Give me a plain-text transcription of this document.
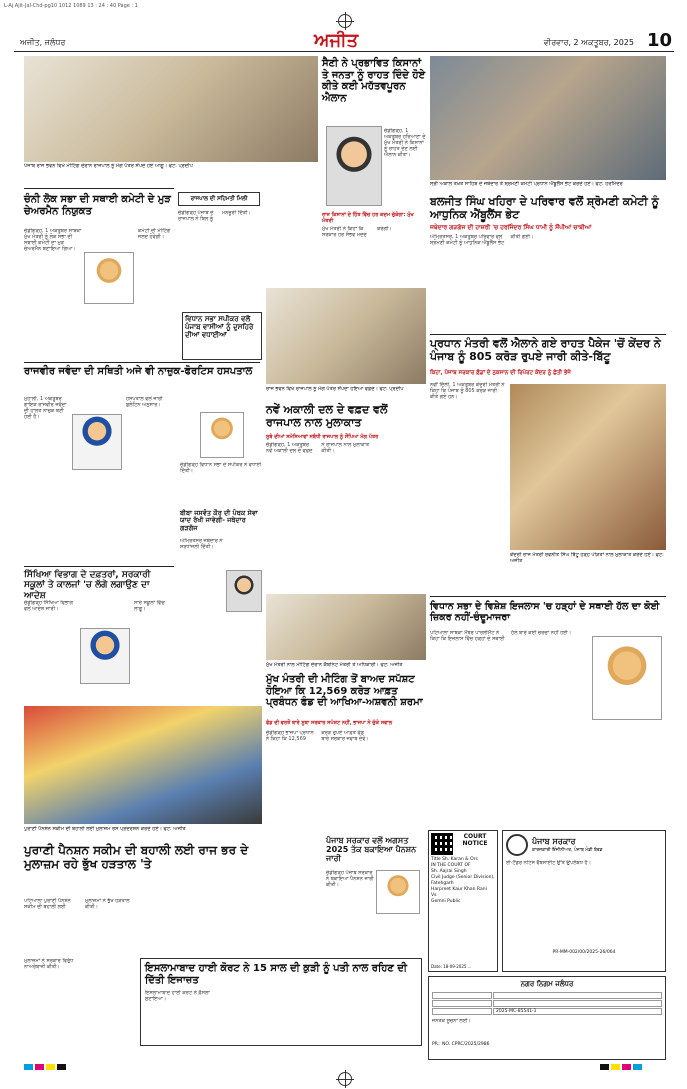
L-Aj Ajit-Jal-Chd-pg10 1012 1089 13 : 24 : 40 Page : 1
ਅਜੀਤ, ਜਲੰਧਰ	ਅਜੀਤ	ਵੀਰਵਾਰ, 2 ਅਕਤੂਬਰ, 2025 10
ਪੰਜਾਬ ਰਾਜ ਭਵਨ ਵਿਖੇ ਮੀਟਿੰਗ ਦੌਰਾਨ ਰਾਜਪਾਲ ਨੂੰ ਮੰਗ ਪੱਤਰ ਸੌਂਪਦੇ ਹੋਏ ਆਗੂ। ਫੋਟੋ: ਪ੍ਰਦੀਪ
ਸੈਣੀ ਨੇ ਪ੍ਰਭਾਵਿਤ ਕਿਸਾਨਾਂ ਤੇ ਜਨਤਾ ਨੂੰ ਰਾਹਤ ਦਿੰਦੇ ਹੋਏ ਕੀਤੇ ਕਈ ਮਹੱਤਵਪੂਰਨ ਐਲਾਨ
ਚੰਡੀਗੜ੍ਹ, 1 ਅਕਤੂਬਰ ਹਰਿਆਣਾ ਦੇ ਮੁੱਖ ਮੰਤਰੀ ਨੇ ਕਿਸਾਨਾਂ ਨੂੰ ਰਾਹਤ ਦੇਣ ਲਈ ਐਲਾਨ ਕੀਤਾ।
ਰਾਜ ਕਿਸਾਨਾਂ ਦੇ ਹਿੱਤ ਵਿੱਚ ਹਰ ਕਦਮ ਚੁੱਕੇਗਾ: ਮੁੱਖ ਮੰਤਰੀ
ਸ੍ਰੀ ਅਕਾਲ ਤਖ਼ਤ ਸਾਹਿਬ ਦੇ ਜਥੇਦਾਰ ਤੇ ਸ਼੍ਰੋਮਣੀ ਕਮੇਟੀ ਪ੍ਰਧਾਨ ਐਂਬੂਲੈਂਸ ਭੇਟ ਕਰਦੇ ਹੋਏ। ਫੋਟੋ: ਹਰਮਿੰਦਰ
ਬਲਜੀਤ ਸਿੰਘ ਖਹਿਰਾ ਦੇ ਪਰਿਵਾਰ ਵਲੋਂ ਸ਼੍ਰੋਮਣੀ ਕਮੇਟੀ ਨੂੰ ਆਧੁਨਿਕ ਐਂਬੂਲੈਂਸ ਭੇਟ
ਜਥੇਦਾਰ ਗੜਗੱਜ ਦੀ ਹਾਜ਼ਰੀ 'ਚ ਹਰਜਿੰਦਰ ਸਿੰਘ ਧਾਮੀ ਨੂੰ ਸੌਂਪੀਆਂ ਚਾਬੀਆਂ
ਅੰਮ੍ਰਿਤਸਰ, 1 ਅਕਤੂਬਰ ਪਰਿਵਾਰ ਵਲੋਂ ਸ਼੍ਰੋਮਣੀ ਕਮੇਟੀ ਨੂੰ ਆਧੁਨਿਕ ਐਂਬੂਲੈਂਸ ਭੇਟ ਕੀਤੀ ਗਈ।
ਚੰਨੀ ਲੋਕ ਸਭਾ ਦੀ ਸਥਾਈ ਕਮੇਟੀ ਦੇ ਮੁੜ ਚੇਅਰਮੈਨ ਨਿਯੁਕਤ
ਚੰਡੀਗੜ੍ਹ, 1 ਅਕਤੂਬਰ ਸਾਬਕਾ ਮੁੱਖ ਮੰਤਰੀ ਨੂੰ ਲੋਕ ਸਭਾ ਦੀ ਸਥਾਈ ਕਮੇਟੀ ਦਾ ਮੁੜ ਚੇਅਰਮੈਨ ਬਣਾਇਆ ਗਿਆ।
ਕਮੇਟੀ ਦੀ ਮੀਟਿੰਗ ਜਲਦ ਹੋਵੇਗੀ।
ਰਾਜਪਾਲ ਦੀ ਸਹਿਮਤੀ ਮਿਲੀ
ਚੰਡੀਗੜ੍ਹ ਪੰਜਾਬ ਦੇ ਰਾਜਪਾਲ ਨੇ ਬਿਲ ਨੂੰ ਮਨਜ਼ੂਰੀ ਦਿੱਤੀ।
ਰਾਜਵੀਰ ਜਵੰਦਾ ਦੀ ਸਥਿਤੀ ਅਜੇ ਵੀ ਨਾਜ਼ੁਕ-ਫੋਰਟਿਸ ਹਸਪਤਾਲ
ਮੁਹਾਲੀ, 1 ਅਕਤੂਬਰ ਗਾਇਕ ਰਾਜਵੀਰ ਜਵੰਦਾ ਦੀ ਹਾਲਤ ਨਾਜ਼ੁਕ ਬਣੀ ਹੋਈ ਹੈ।
ਹਸਪਤਾਲ ਵਲੋਂ ਜਾਰੀ ਬੁਲੇਟਿਨ ਅਨੁਸਾਰ।
ਸਿੱਖਿਆ ਵਿਭਾਗ ਦੇ ਦਫ਼ਤਰਾਂ, ਸਰਕਾਰੀ ਸਕੂਲਾਂ ਤੇ ਕਾਲਜਾਂ 'ਚ ਲੱਗੇ ਲਗਾਉਣ ਦਾ ਆਦੇਸ਼
ਚੰਡੀਗੜ੍ਹ ਸਿੱਖਿਆ ਵਿਭਾਗ ਵਲੋਂ ਆਦੇਸ਼ ਜਾਰੀ।
ਸਾਰੇ ਸਕੂਲਾਂ ਵਿੱਚ ਲਾਗੂ।
ਵਿਧਾਨ ਸਭਾ ਸਪੀਕਰ ਵਲੋਂ ਪੰਜਾਬ ਵਾਸੀਆਂ ਨੂੰ ਦੁਸਹਿਰੇ ਦੀਆਂ ਵਧਾਈਆਂ
ਚੰਡੀਗੜ੍ਹ ਵਿਧਾਨ ਸਭਾ ਦੇ ਸਪੀਕਰ ਨੇ ਵਧਾਈ ਦਿੱਤੀ।
ਬੀਬਾ ਜਸਵੰਤ ਕੌਰ ਦੀ ਪੰਥਕ ਸੇਵਾ ਯਾਦ ਰੱਖੀ ਜਾਵੇਗੀ- ਜਥੇਦਾਰ ਗੜਗੱਜ
ਅੰਮ੍ਰਿਤਸਰ ਜਥੇਦਾਰ ਨੇ ਸ਼ਰਧਾਂਜਲੀ ਦਿੱਤੀ।
ਰਾਜ ਭਵਨ ਵਿਖੇ ਰਾਜਪਾਲ ਨੂੰ ਮੰਗ ਪੱਤਰ ਸੌਂਪਦਾ ਹੋਇਆ ਵਫ਼ਦ। ਫੋਟੋ: ਪ੍ਰਦੀਪ
ਨਵੇਂ ਅਕਾਲੀ ਦਲ ਦੇ ਵਫ਼ਦ ਵਲੋਂ ਰਾਜਪਾਲ ਨਾਲ ਮੁਲਾਕਾਤ
ਸੂਬੇ ਦੀਆਂ ਸਮੱਸਿਆਵਾਂ ਸਬੰਧੀ ਰਾਜਪਾਲ ਨੂੰ ਸੌਂਪਿਆ ਮੰਗ ਪੱਤਰ
ਚੰਡੀਗੜ੍ਹ, 1 ਅਕਤੂਬਰ ਨਵੇਂ ਅਕਾਲੀ ਦਲ ਦੇ ਵਫ਼ਦ ਨੇ ਰਾਜਪਾਲ ਨਾਲ ਮੁਲਾਕਾਤ ਕੀਤੀ।
ਮੁੱਖ ਮੰਤਰੀ ਨੇ ਕਿਹਾ ਕਿ ਸਰਕਾਰ ਹਰ ਸੰਭਵ ਮਦਦ ਕਰੇਗੀ।
ਪ੍ਰਧਾਨ ਮੰਤਰੀ ਵਲੋਂ ਐਲਾਨੇ ਗਏ ਰਾਹਤ ਪੈਕੇਜ 'ਚੋਂ ਕੇਂਦਰ ਨੇ ਪੰਜਾਬ ਨੂੰ 805 ਕਰੋੜ ਰੁਪਏ ਜਾਰੀ ਕੀਤੇ-ਬਿੱਟੂ
ਕਿਹਾ, ਪੰਜਾਬ ਸਰਕਾਰ ਫ਼ੰਡਾਂ ਦੇ ਨੁਕਸਾਨ ਦੀ ਰਿਪੋਰਟ ਕੇਂਦਰ ਨੂੰ ਛੇਤੀ ਭੇਜੇ
ਨਵੀਂ ਦਿੱਲੀ, 1 ਅਕਤੂਬਰ ਕੇਂਦਰੀ ਮੰਤਰੀ ਨੇ ਕਿਹਾ ਕਿ ਪੰਜਾਬ ਨੂੰ 805 ਕਰੋੜ ਜਾਰੀ ਕੀਤੇ ਗਏ ਹਨ।
ਕੇਂਦਰੀ ਰਾਜ ਮੰਤਰੀ ਰਵਨੀਤ ਸਿੰਘ ਬਿੱਟੂ ਹੜ੍ਹ ਪੀੜਤਾਂ ਨਾਲ ਮੁਲਾਕਾਤ ਕਰਦੇ ਹੋਏ। ਫੋਟੋ: ਅਜੀਤ
ਵਿਧਾਨ ਸਭਾ ਦੇ ਵਿਸ਼ੇਸ਼ ਇਜਲਾਸ 'ਚ ਹੜ੍ਹਾਂ ਦੇ ਸਥਾਈ ਹੱਲ ਦਾ ਕੋਈ ਜ਼ਿਕਰ ਨਹੀਂ-ਚੰਦੂਮਾਜਰਾ
ਪਟਿਆਲਾ ਸਾਬਕਾ ਮੈਂਬਰ ਪਾਰਲੀਮੈਂਟ ਨੇ ਕਿਹਾ ਕਿ ਇਜਲਾਸ ਵਿੱਚ ਹੜ੍ਹਾਂ ਦੇ ਸਥਾਈ ਹੱਲ ਬਾਰੇ ਕੋਈ ਚਰਚਾ ਨਹੀਂ ਹੋਈ।
ਮੁੱਖ ਮੰਤਰੀ ਨਾਲ ਮੀਟਿੰਗ ਦੌਰਾਨ ਕੈਬਨਿਟ ਮੰਤਰੀ ਤੇ ਅਧਿਕਾਰੀ। ਫੋਟੋ: ਅਜੀਤ
ਮੁੱਖ ਮੰਤਰੀ ਦੀ ਮੀਟਿੰਗ ਤੋਂ ਬਾਅਦ ਸਪੱਸ਼ਟ ਹੋਇਆ ਕਿ 12,569 ਕਰੋੜ ਆਫ਼ਤ ਪ੍ਰਬੰਧਨ ਫੰਡ ਦੀ ਆਖਿਆ-ਅਸ਼ਵਨੀ ਸ਼ਰਮਾ
ਫੰਡ ਦੀ ਵਰਤੋਂ ਬਾਰੇ ਸੂਬਾ ਸਰਕਾਰ ਸਪੱਸ਼ਟ ਨਹੀਂ, ਭਾਜਪਾ ਨੇ ਚੁੱਕੇ ਸਵਾਲ
ਚੰਡੀਗੜ੍ਹ ਭਾਜਪਾ ਪ੍ਰਧਾਨ ਨੇ ਕਿਹਾ ਕਿ 12,569 ਕਰੋੜ ਰੁਪਏ ਆਫ਼ਤ ਫੰਡ ਬਾਰੇ ਸਰਕਾਰ ਜਵਾਬ ਦੇਵੇ।
ਪੁਰਾਣੀ ਪੈਨਸ਼ਨ ਸਕੀਮ ਦੀ ਬਹਾਲੀ ਲਈ ਮੁਲਾਜ਼ਮ ਰੋਸ ਪ੍ਰਦਰਸ਼ਨ ਕਰਦੇ ਹੋਏ। ਫੋਟੋ: ਅਜੀਤ
ਪੁਰਾਣੀ ਪੈਨਸ਼ਨ ਸਕੀਮ ਦੀ ਬਹਾਲੀ ਲਈ ਰਾਜ ਭਰ ਦੇ ਮੁਲਾਜ਼ਮ ਰਹੇ ਭੁੱਖ ਹੜਤਾਲ 'ਤੇ
ਪਟਿਆਲਾ ਪੁਰਾਣੀ ਪੈਨਸ਼ਨ ਸਕੀਮ ਦੀ ਬਹਾਲੀ ਲਈ ਮੁਲਾਜ਼ਮਾਂ ਨੇ ਭੁੱਖ ਹੜਤਾਲ ਕੀਤੀ।
ਪੰਜਾਬ ਸਰਕਾਰ ਵਲੋਂ ਅਗਸਤ 2025 ਤੱਕ ਬਕਾਇਆ ਪੈਨਸ਼ਨ ਜਾਰੀ
ਚੰਡੀਗੜ੍ਹ ਪੰਜਾਬ ਸਰਕਾਰ ਨੇ ਬਕਾਇਆ ਪੈਨਸ਼ਨ ਜਾਰੀ ਕੀਤੀ।
ਇਸਲਾਮਾਬਾਦ ਹਾਈ ਕੋਰਟ ਨੇ 15 ਸਾਲ ਦੀ ਕੁੜੀ ਨੂੰ ਪਤੀ ਨਾਲ ਰਹਿਣ ਦੀ ਦਿੱਤੀ ਇਜਾਜ਼ਤ
ਇਸਲਾਮਾਬਾਦ ਹਾਈ ਕੋਰਟ ਨੇ ਫ਼ੈਸਲਾ ਸੁਣਾਇਆ।
ਮੁਲਾਜ਼ਮਾਂ ਨੇ ਸਰਕਾਰ ਵਿਰੁੱਧ ਨਾਅਰੇਬਾਜ਼ੀ ਕੀਤੀ।
COURT NOTICE
Title Sh. Karan & Ors
IN THE COURT OF
Sh. Aajrai Singh
Civil Judge (Senior Division), Fatehgarh
Harpreet Kaur Khan Rani
Vs
Gemni Public
Date: 18-09-2025 ...
ਪੰਜਾਬ ਸਰਕਾਰ
ਕਾਰਜਕਾਰੀ ਇੰਜੀਨੀਅਰ, ਪੰਜਾਬ ਮੰਡੀ ਬੋਰਡ
ਈ-ਟੈਂਡਰ ਨੋਟਿਸ ਵੈੱਬਸਾਈਟ ਉੱਤੇ ਉਪਲੱਬਧ ਹੈ।
PR-MM-002/00/2025-26/064
ਨਗਰ ਨਿਗਮ ਜਲੰਧਰ
2025-MC-85541-1
ਜਨਤਕ ਸੂਚਨਾ ਲਈ।
PR.: NO. CPRC/2025/2986
